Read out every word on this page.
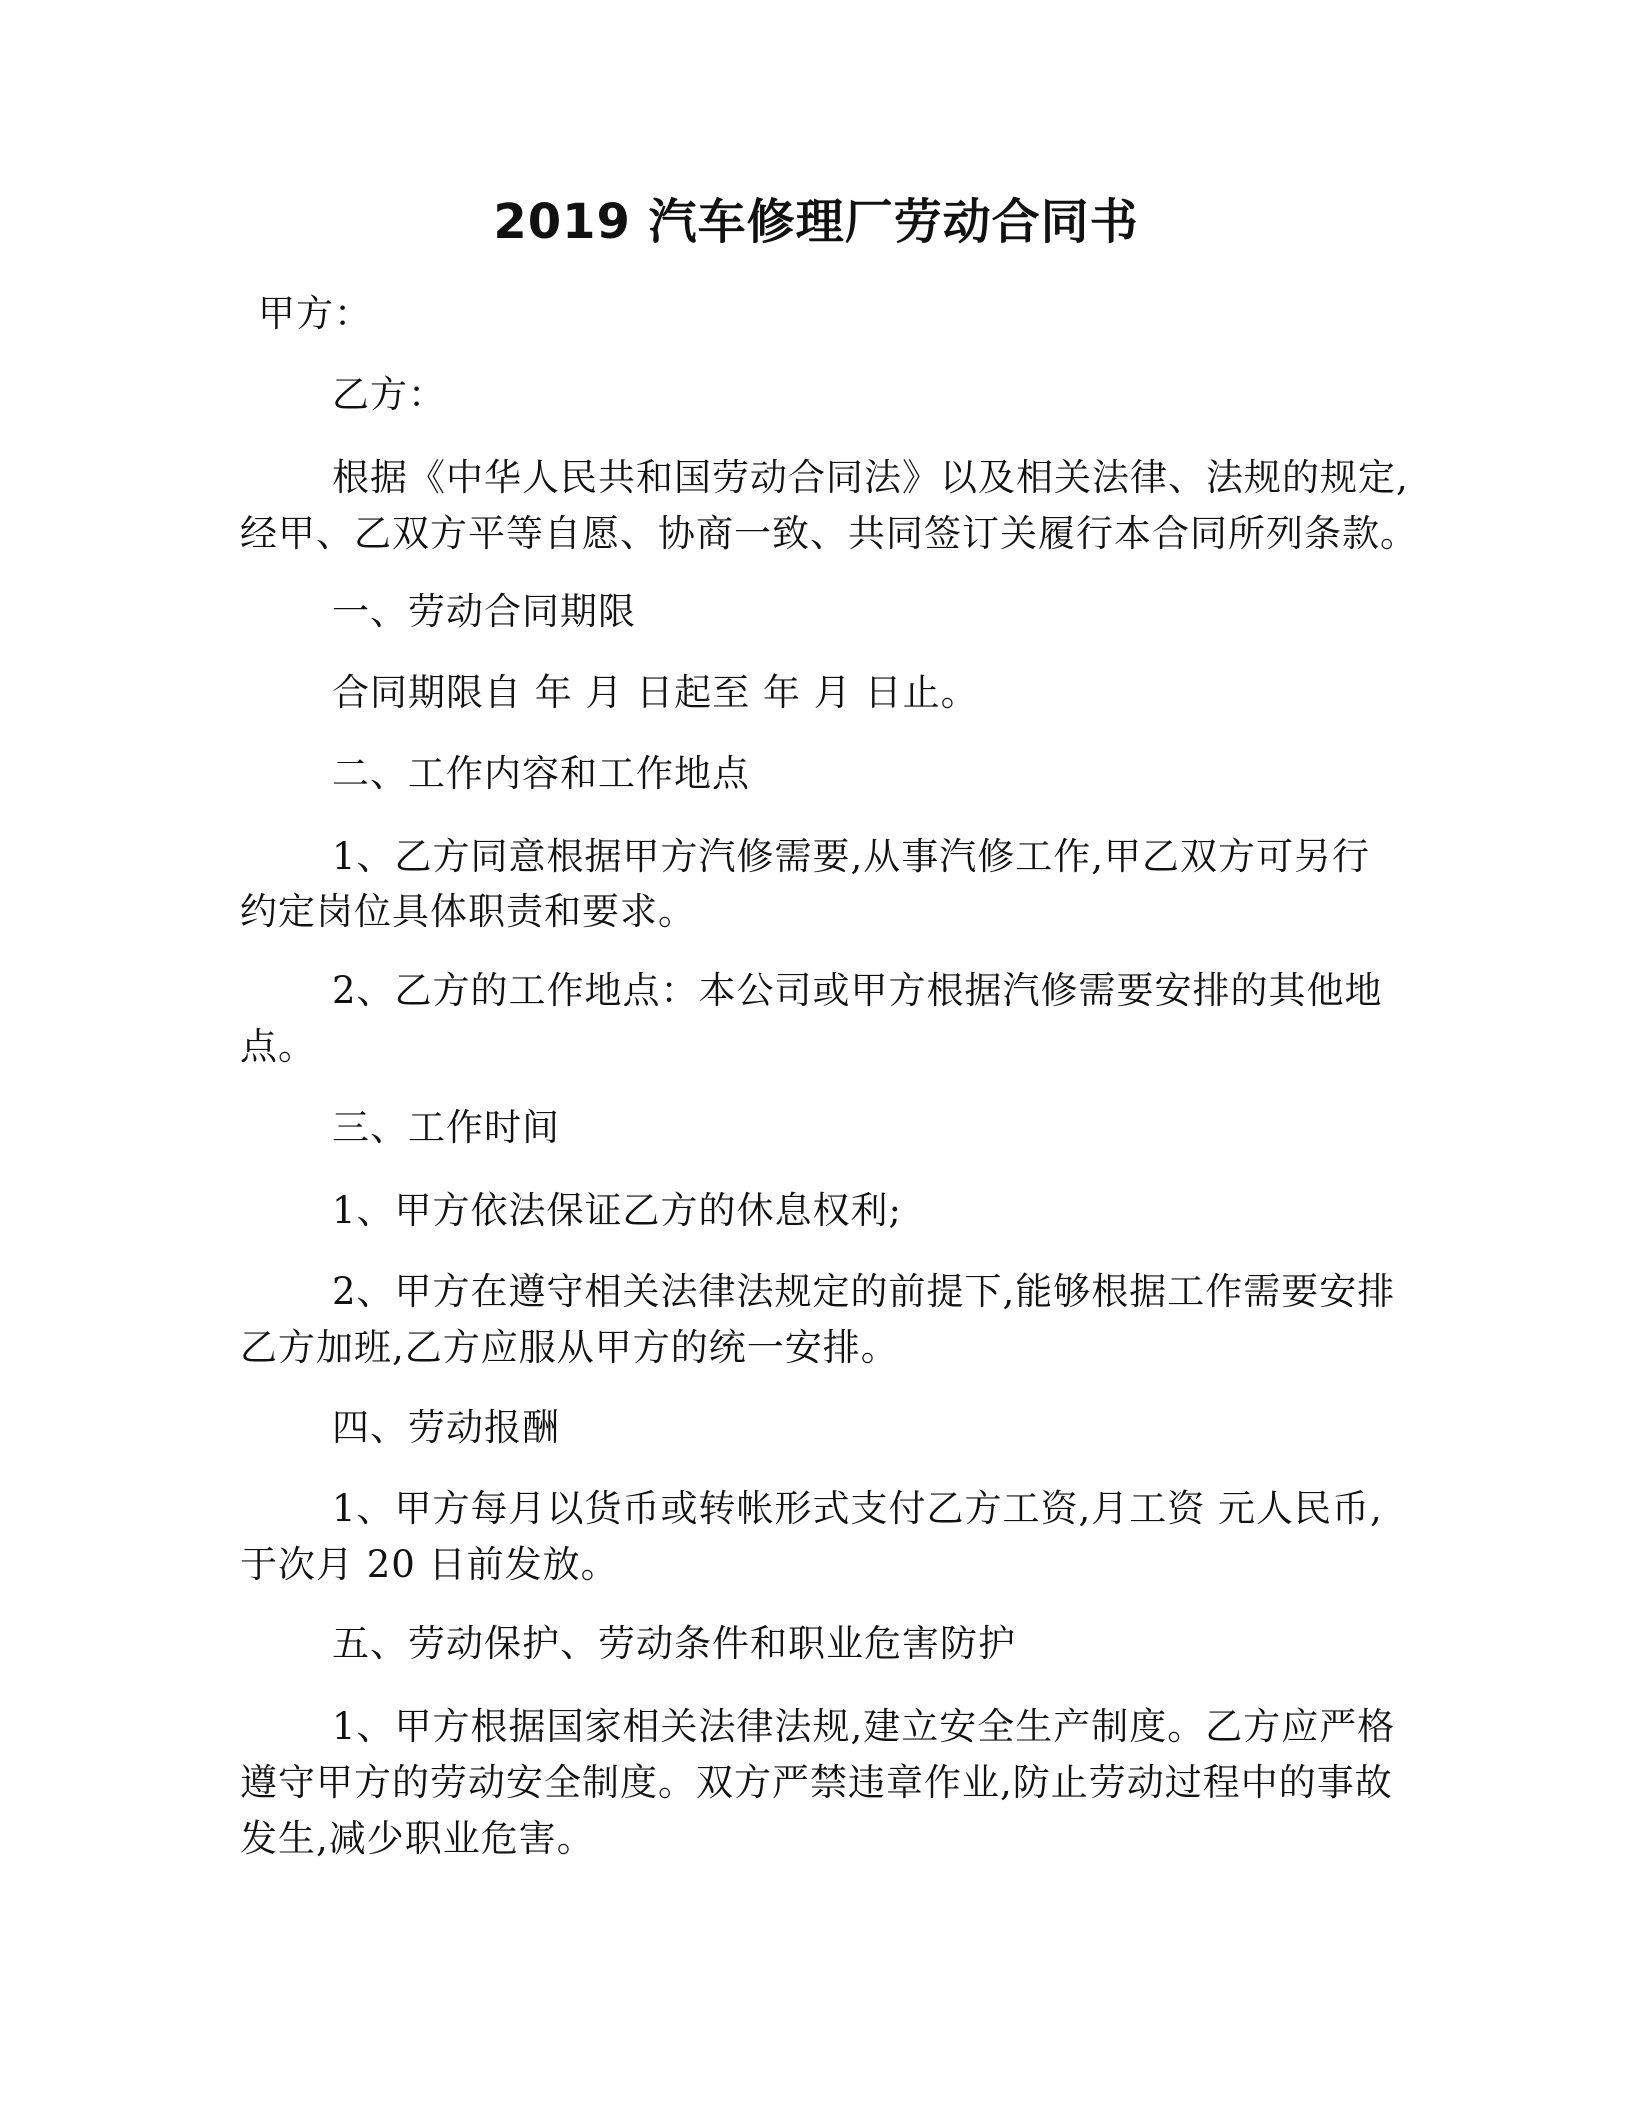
2019 汽车修理厂劳动合同书

甲方：

乙方：

根据《中华人民共和国劳动合同法》以及相关法律、法规的规定,

经甲、乙双方平等自愿、协商一致、共同签订关履行本合同所列条款。

一、劳动合同期限

合同期限自 年 月 日起至 年 月 日止。

二、工作内容和工作地点

1、乙方同意根据甲方汽修需要,从事汽修工作,甲乙双方可另行

约定岗位具体职责和要求。

2、乙方的工作地点：本公司或甲方根据汽修需要安排的其他地

点。

三、工作时间

1、甲方依法保证乙方的休息权利;

2、甲方在遵守相关法律法规定的前提下,能够根据工作需要安排

乙方加班,乙方应服从甲方的统一安排。

四、劳动报酬

1、甲方每月以货币或转帐形式支付乙方工资,月工资 元人民币,

于次月 20 日前发放。

五、劳动保护、劳动条件和职业危害防护

1、甲方根据国家相关法律法规,建立安全生产制度。乙方应严格

遵守甲方的劳动安全制度。双方严禁违章作业,防止劳动过程中的事故

发生,减少职业危害。
